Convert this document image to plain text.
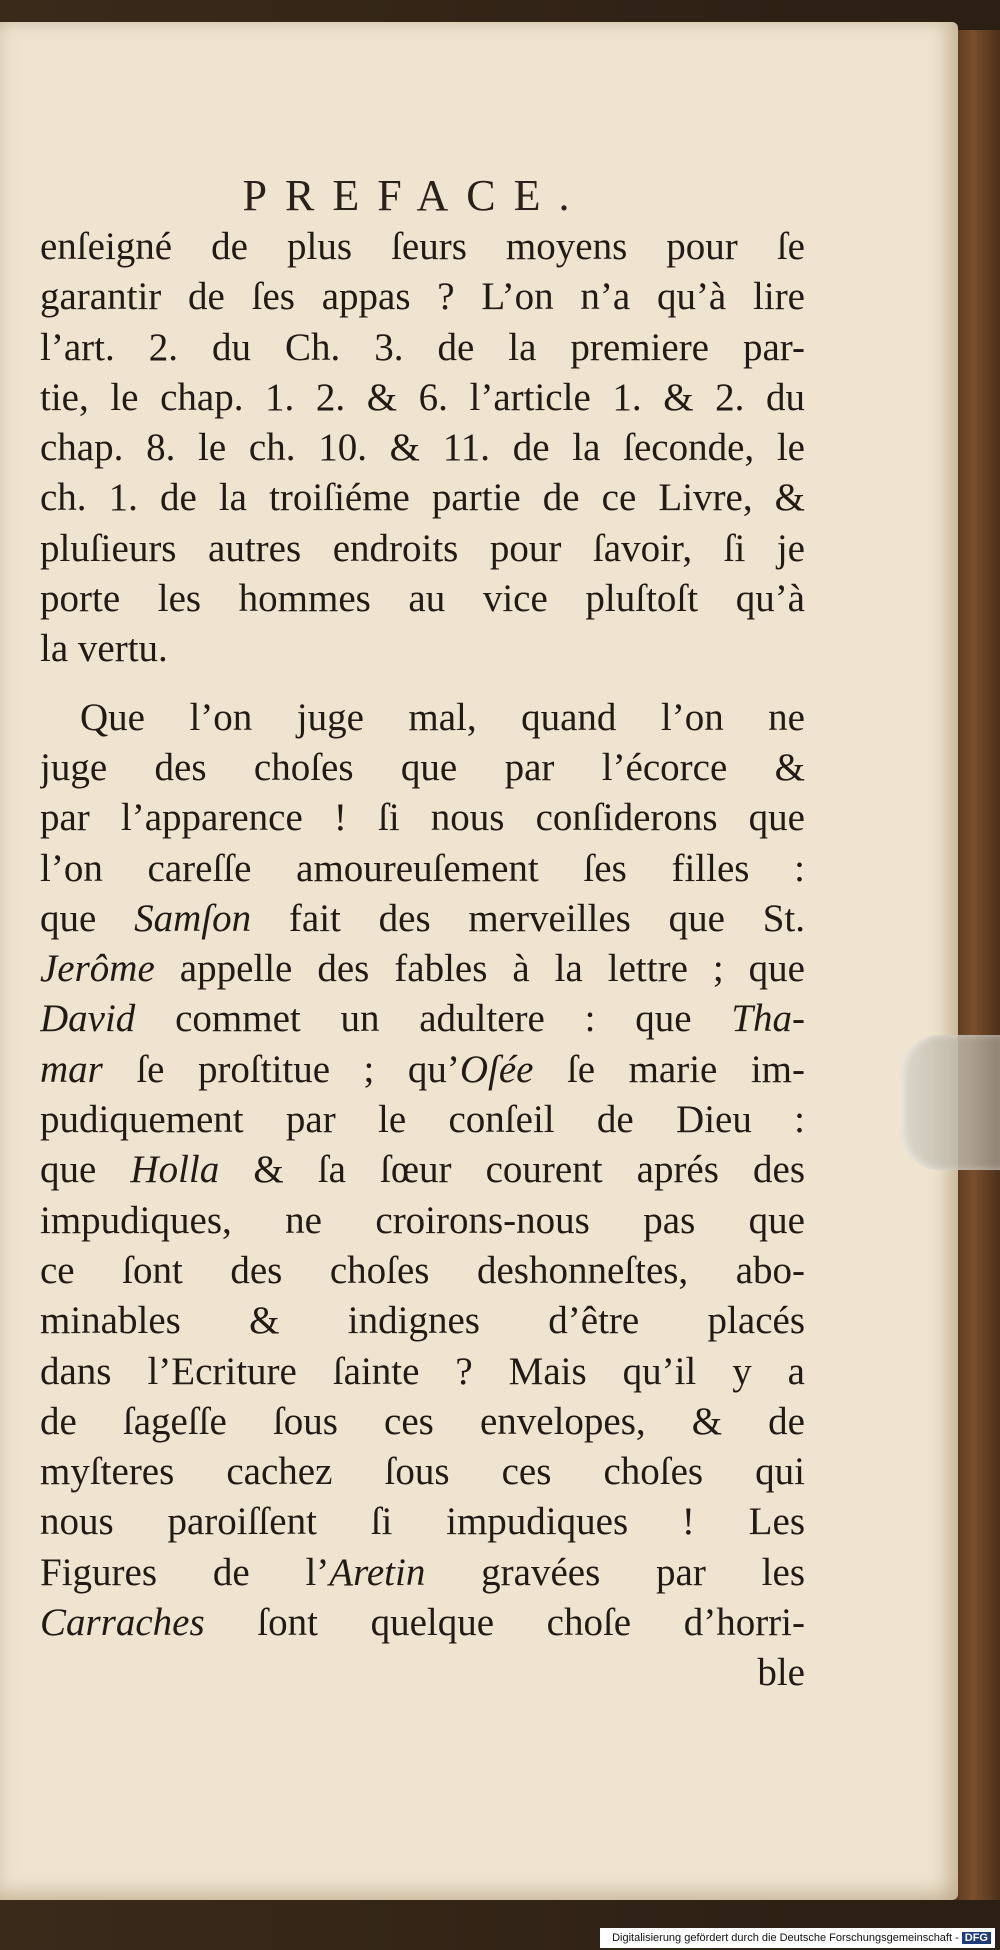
PREFACE.
enſeigné de plus ſeurs moyens pour ſe
garantir de ſes appas ? L’on n’a qu’à lire
l’art. 2. du Ch. 3. de la premiere par-
tie, le chap. 1. 2. & 6. l’article 1. & 2. du
chap. 8. le ch. 10. & 11. de la ſeconde, le
ch. 1. de la troiſiéme partie de ce Livre, &
pluſieurs autres endroits pour ſavoir, ſi je
porte les hommes au vice pluſtoſt qu’à
la vertu.
Que l’on juge mal, quand l’on ne
juge des choſes que par l’écorce &
par l’apparence ! ſi nous conſiderons que
l’on careſſe amoureuſement ſes filles :
que Samſon fait des merveilles que St.
Jerôme appelle des fables à la lettre ; que
David commet un adultere : que Tha-
mar ſe proſtitue ; qu’Oſée ſe marie im-
pudiquement par le conſeil de Dieu :
que Holla & ſa ſœur courent aprés des
impudiques, ne croirons-nous pas que
ce ſont des choſes deshonneſtes, abo-
minables & indignes d’être placés
dans l’Ecriture ſainte ? Mais qu’il y a
de ſageſſe ſous ces envelopes, & de
myſteres cachez ſous ces choſes qui
nous paroiſſent ſi impudiques ! Les
Figures de l’Aretin gravées par les
Carraches ſont quelque choſe d’horri-
ble
Digitalisierung gefördert durch die Deutsche Forschungsgemeinschaft - DFG
